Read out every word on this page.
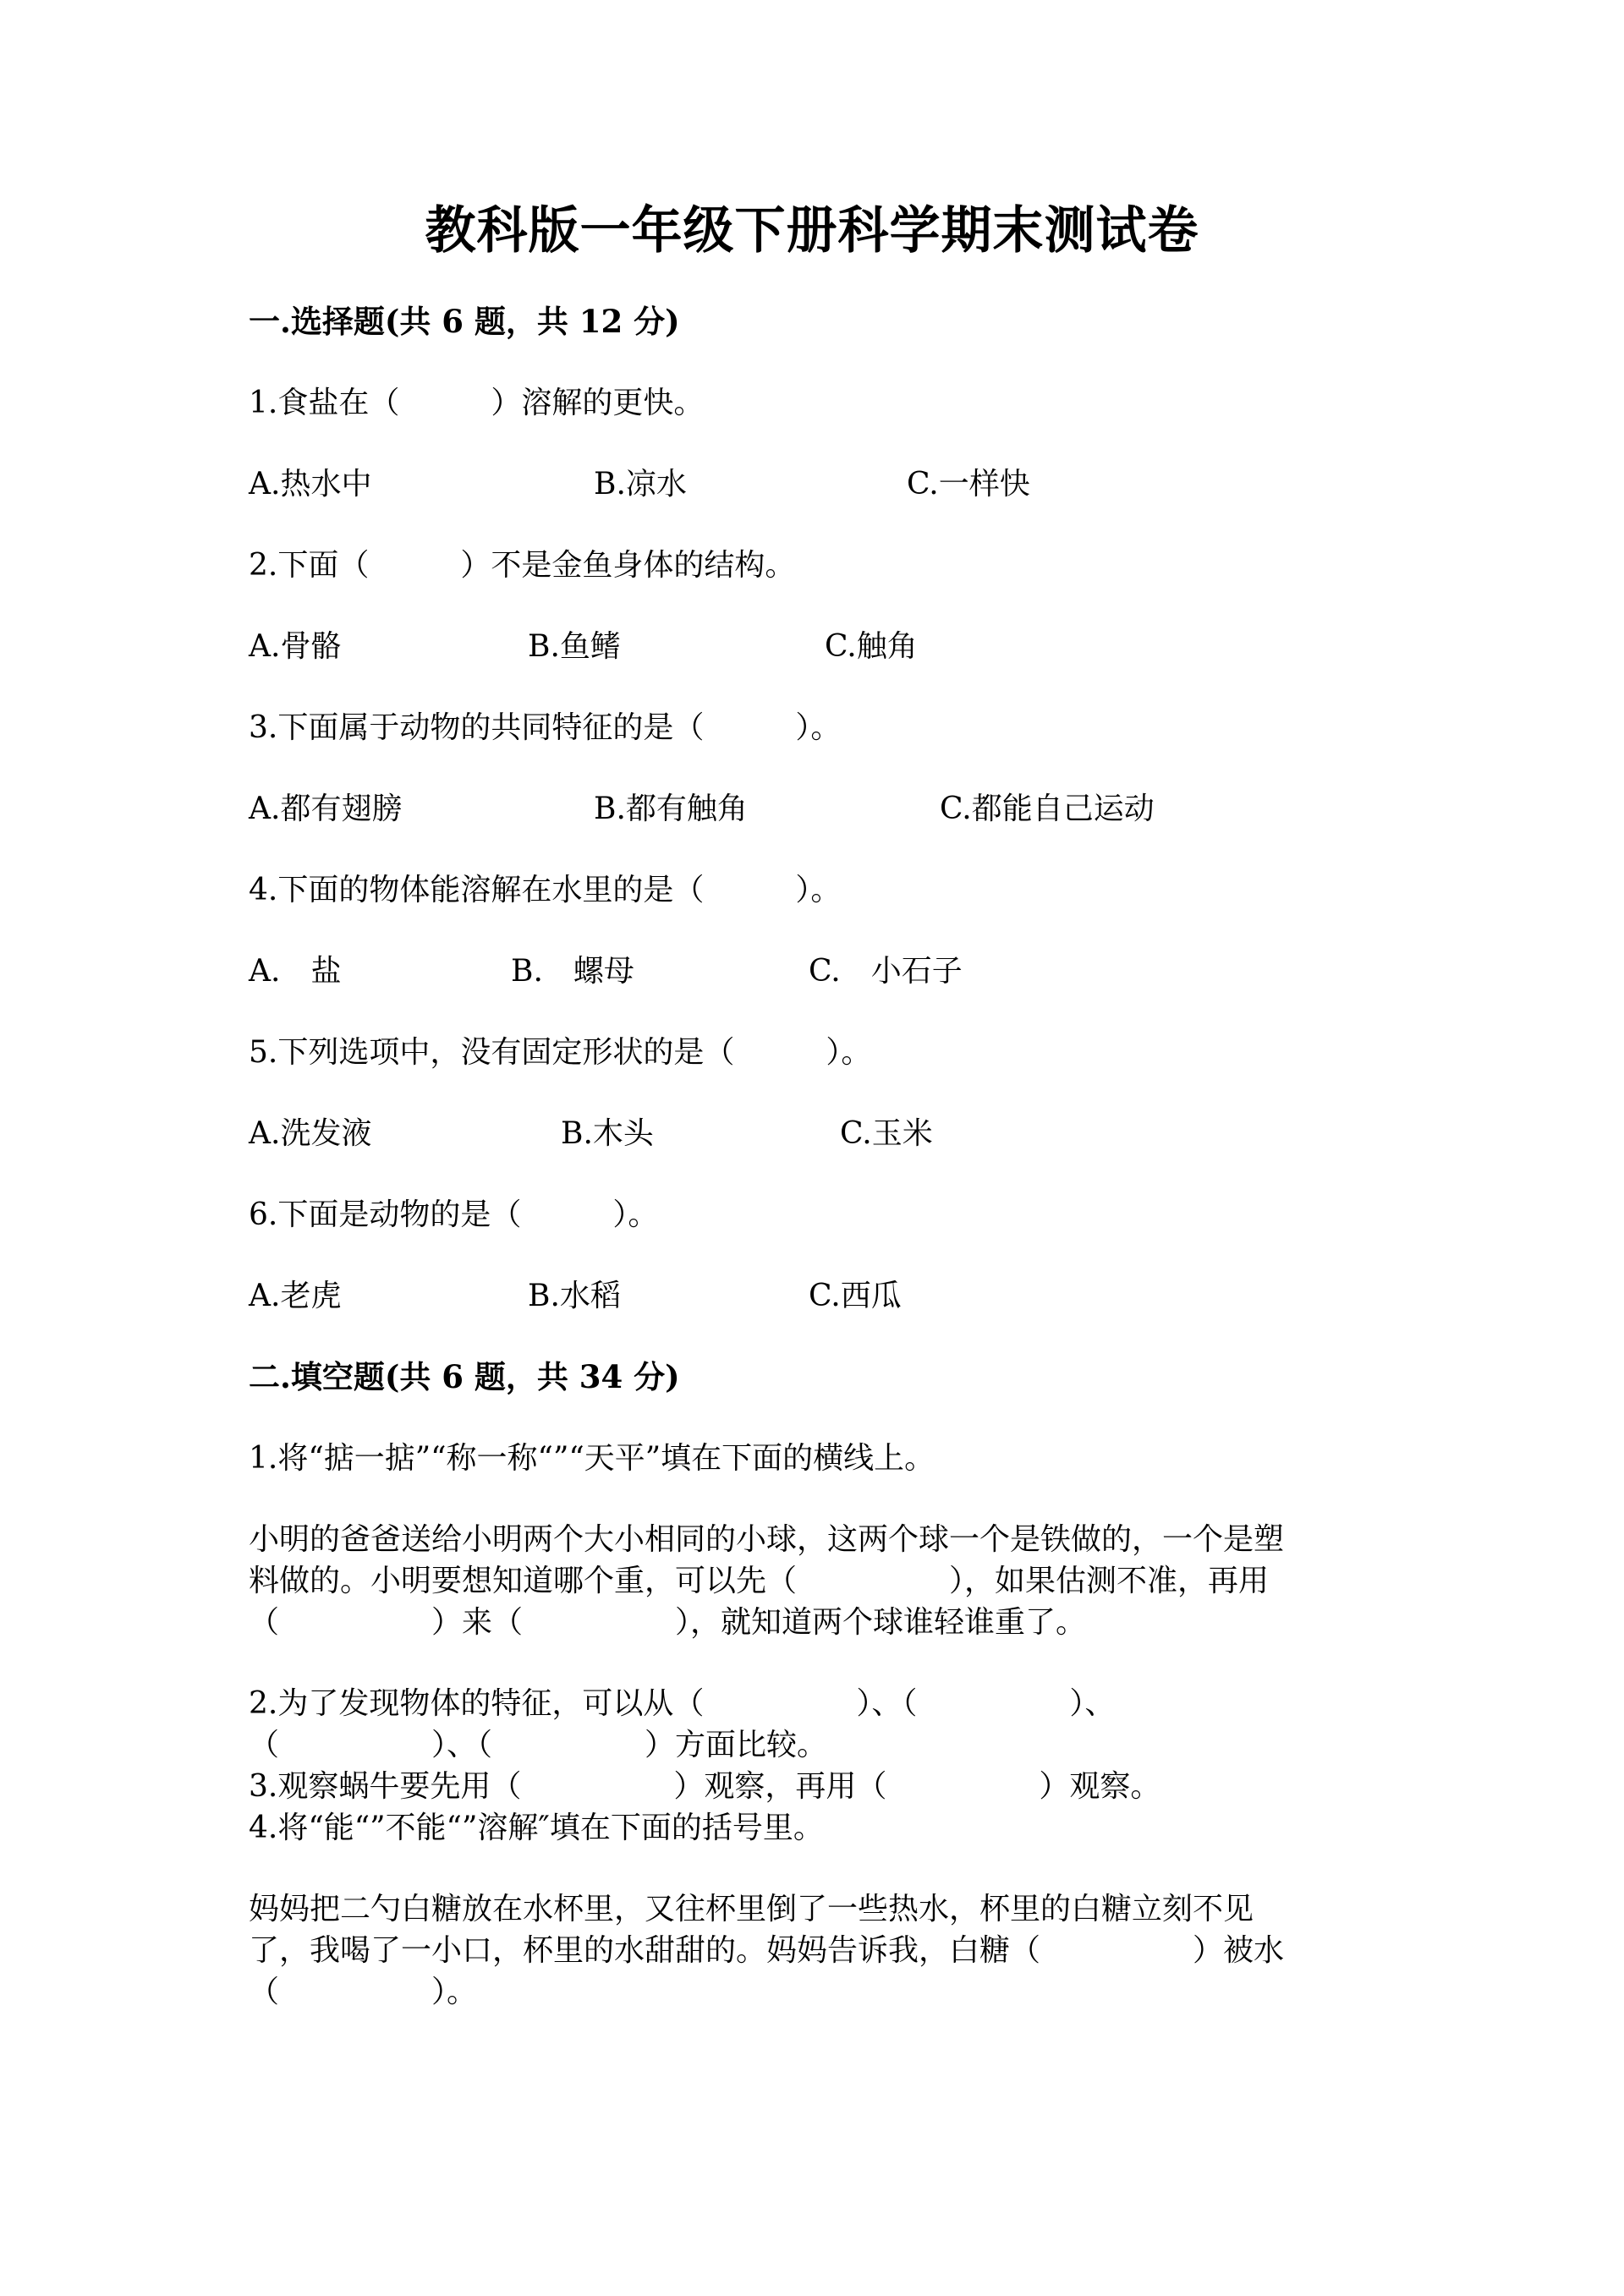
教科版一年级下册科学期末测试卷
一.选择题(共 6 题，共 12 分)
1.食盐在（　　　）溶解的更快。
A.热水中	B.凉水	C.一样快
2.下面（　　　）不是金鱼身体的结构。
A.骨骼	B.鱼鳍	C.触角
3.下面属于动物的共同特征的是（　　　）。
A.都有翅膀	B.都有触角	C.都能自己运动
4.下面的物体能溶解在水里的是（　　　）。
A.　盐	B.　螺母	C.　小石子
5.下列选项中，没有固定形状的是（　　　）。
A.洗发液	B.木头	C.玉米
6.下面是动物的是（　　　）。
A.老虎	B.水稻	C.西瓜
二.填空题(共 6 题，共 34 分)
1.将“掂一掂”“称一称“”“天平”填在下面的横线上。
小明的爸爸送给小明两个大小相同的小球，这两个球一个是铁做的，一个是塑
料做的。小明要想知道哪个重，可以先（　　　　　），如果估测不准，再用
（　　　　　）来（　　　　　），就知道两个球谁轻谁重了。
2.为了发现物体的特征，可以从（　　　　　）、（　　　　　）、
（　　　　　）、（　　　　　）方面比较。
3.观察蜗牛要先用（　　　　　）观察，再用（　　　　　）观察。
4.将“能“”不能“”溶解″填在下面的括号里。
妈妈把二勺白糖放在水杯里，又往杯里倒了一些热水，杯里的白糖立刻不见
了，我喝了一小口，杯里的水甜甜的。妈妈告诉我，白糖（　　　　　）被水
（　　　　　）。
